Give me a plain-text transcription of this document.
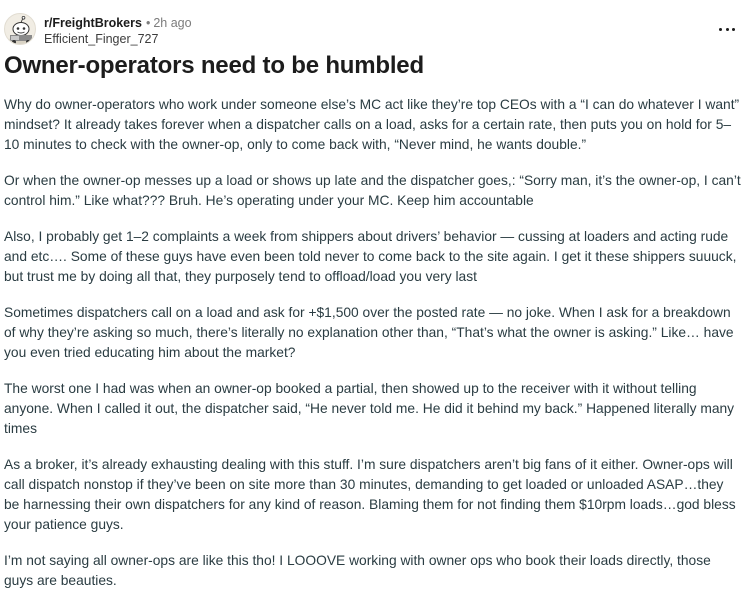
r/FreightBrokers • 2h ago
Efficient_Finger_727
Owner-operators need to be humbled

Why do owner-operators who work under someone else’s MC act like they’re top CEOs with a “I can do whatever I want” mindset? It already takes forever when a dispatcher calls on a load, asks for a certain rate, then puts you on hold for 5–10 minutes to check with the owner-op, only to come back with, “Never mind, he wants double.”

Or when the owner-op messes up a load or shows up late and the dispatcher goes,: “Sorry man, it’s the owner-op, I can’t control him.” Like what??? Bruh. He’s operating under your MC. Keep him accountable

Also, I probably get 1–2 complaints a week from shippers about drivers’ behavior — cussing at loaders and acting rude and etc…. Some of these guys have even been told never to come back to the site again. I get it these shippers suuuck, but trust me by doing all that, they purposely tend to offload/load you very last

Sometimes dispatchers call on a load and ask for +$1,500 over the posted rate — no joke. When I ask for a breakdown of why they’re asking so much, there’s literally no explanation other than, “That’s what the owner is asking.” Like… have you even tried educating him about the market?

The worst one I had was when an owner-op booked a partial, then showed up to the receiver with it without telling anyone. When I called it out, the dispatcher said, “He never told me. He did it behind my back.” Happened literally many times

As a broker, it’s already exhausting dealing with this stuff. I’m sure dispatchers aren’t big fans of it either. Owner-ops will call dispatch nonstop if they’ve been on site more than 30 minutes, demanding to get loaded or unloaded ASAP…they be harnessing their own dispatchers for any kind of reason. Blaming them for not finding them $10rpm loads…god bless your patience guys.

I’m not saying all owner-ops are like this tho! I LOOOVE working with owner ops who book their loads directly, those guys are beauties.
